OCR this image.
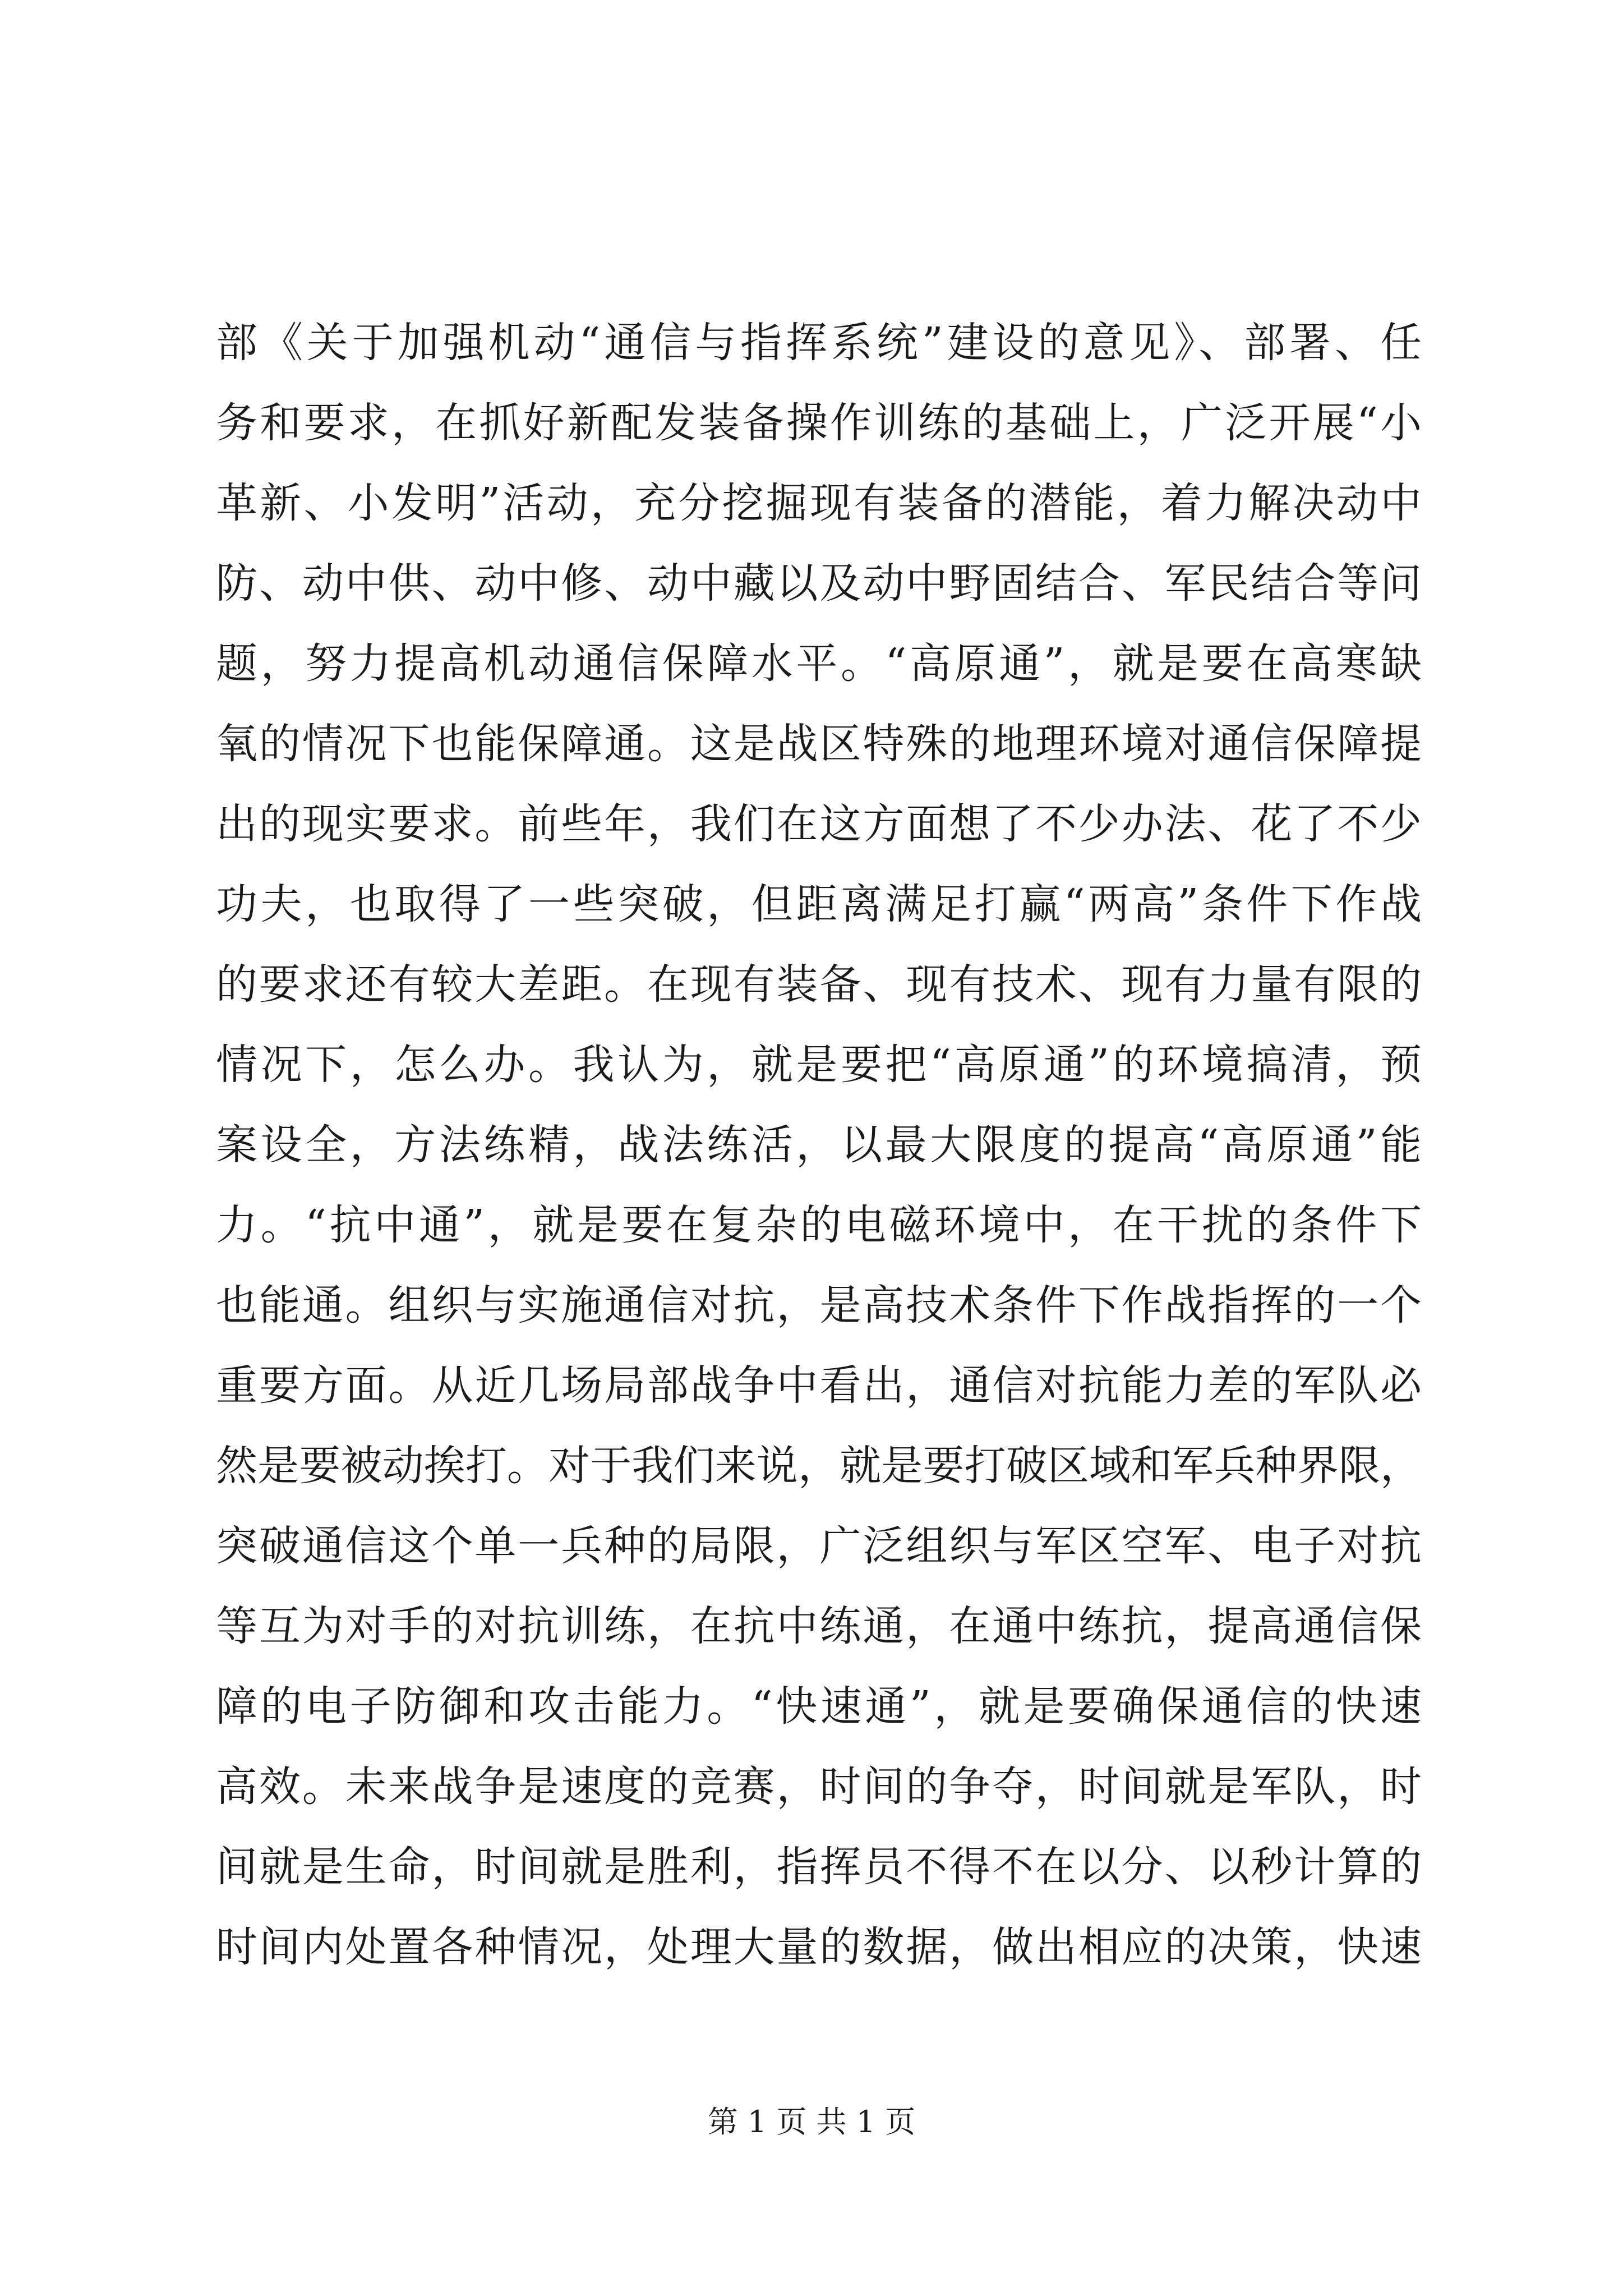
部《关于加强机动“通信与指挥系统”建设的意见》、部署、任
务和要求，在抓好新配发装备操作训练的基础上，广泛开展“小
革新、小发明”活动，充分挖掘现有装备的潜能，着力解决动中
防、动中供、动中修、动中藏以及动中野固结合、军民结合等问
题，努力提高机动通信保障水平。“高原通”，就是要在高寒缺
氧的情况下也能保障通。这是战区特殊的地理环境对通信保障提
出的现实要求。前些年，我们在这方面想了不少办法、花了不少
功夫，也取得了一些突破，但距离满足打赢“两高”条件下作战
的要求还有较大差距。在现有装备、现有技术、现有力量有限的
情况下，怎么办。我认为，就是要把“高原通”的环境搞清，预
案设全，方法练精，战法练活，以最大限度的提高“高原通”能
力。“抗中通”，就是要在复杂的电磁环境中，在干扰的条件下
也能通。组织与实施通信对抗，是高技术条件下作战指挥的一个
重要方面。从近几场局部战争中看出，通信对抗能力差的军队必
然是要被动挨打。对于我们来说，就是要打破区域和军兵种界限，
突破通信这个单一兵种的局限，广泛组织与军区空军、电子对抗
等互为对手的对抗训练，在抗中练通，在通中练抗，提高通信保
障的电子防御和攻击能力。“快速通”，就是要确保通信的快速
高效。未来战争是速度的竞赛，时间的争夺，时间就是军队，时
间就是生命，时间就是胜利，指挥员不得不在以分、以秒计算的
时间内处置各种情况，处理大量的数据，做出相应的决策，快速
第 1 页 共 1 页
